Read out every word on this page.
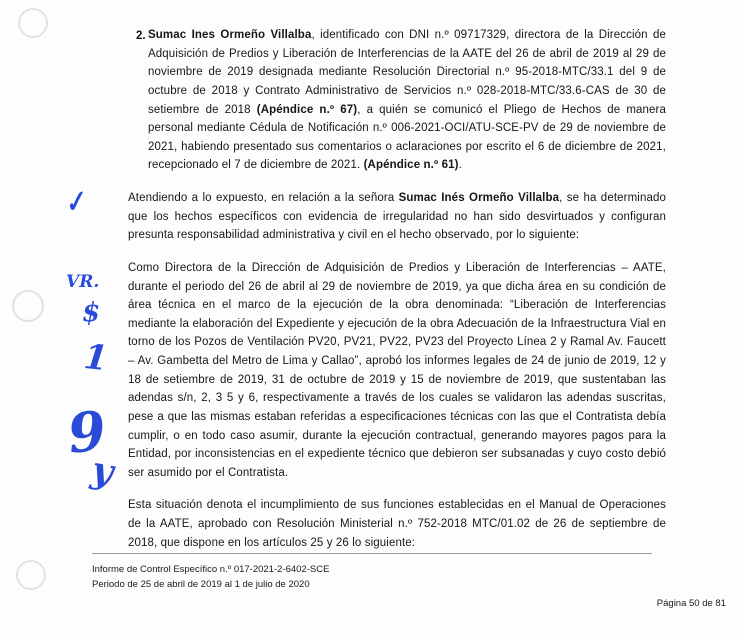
✓
VR.
$
1
9
y
2. Sumac Ines Ormeño Villalba, identificado con DNI n.º 09717329, directora de la Dirección de Adquisición de Predios y Liberación de Interferencias de la AATE del 26 de abril de 2019 al 29 de noviembre de 2019 designada mediante Resolución Directorial n.º 95-2018-MTC/33.1 del 9 de octubre de 2018 y Contrato Administrativo de Servicios n.º 028-2018-MTC/33.6-CAS de 30 de setiembre de 2018 (Apéndice n.º 67), a quién se comunicó el Pliego de Hechos de manera personal mediante Cédula de Notificación n.º 006-2021-OCI/ATU-SCE-PV de 29 de noviembre de 2021, habiendo presentado sus comentarios o aclaraciones por escrito el 6 de diciembre de 2021, recepcionado el 7 de diciembre de 2021. (Apéndice n.º 61).

Atendiendo a lo expuesto, en relación a la señora Sumac Inés Ormeño Villalba, se ha determinado que los hechos específicos con evidencia de irregularidad no han sido desvirtuados y configuran presunta responsabilidad administrativa y civil en el hecho observado, por lo siguiente:

Como Directora de la Dirección de Adquisición de Predios y Liberación de Interferencias – AATE, durante el periodo del 26 de abril al 29 de noviembre de 2019, ya que dicha área en su condición de área técnica en el marco de la ejecución de la obra denominada: “Liberación de Interferencias mediante la elaboración del Expediente y ejecución de la obra Adecuación de la Infraestructura Vial en torno de los Pozos de Ventilación PV20, PV21, PV22, PV23 del Proyecto Línea 2 y Ramal Av. Faucett – Av. Gambetta del Metro de Lima y Callao”, aprobó los informes legales de 24 de junio de 2019, 12 y 18 de setiembre de 2019, 31 de octubre de 2019 y 15 de noviembre de 2019, que sustentaban las adendas s/n, 2, 3 5 y 6, respectivamente a través de los cuales se validaron las adendas suscritas, pese a que las mismas estaban referidas a especificaciones técnicas con las que el Contratista debía cumplir, o en todo caso asumir, durante la ejecución contractual, generando mayores pagos para la Entidad, por inconsistencias en el expediente técnico que debieron ser subsanadas y cuyo costo debió ser asumido por el Contratista.

Esta situación denota el incumplimiento de sus funciones establecidas en el Manual de Operaciones de la AATE, aprobado con Resolución Ministerial n.º 752-2018 MTC/01.02 de 26 de septiembre de 2018, que dispone en los artículos 25 y 26 lo siguiente:

Informe de Control Específico n.º 017-2021-2-6402-SCE
Periodo de 25 de abril de 2019 al 1 de julio de 2020
Página 50 de 81
